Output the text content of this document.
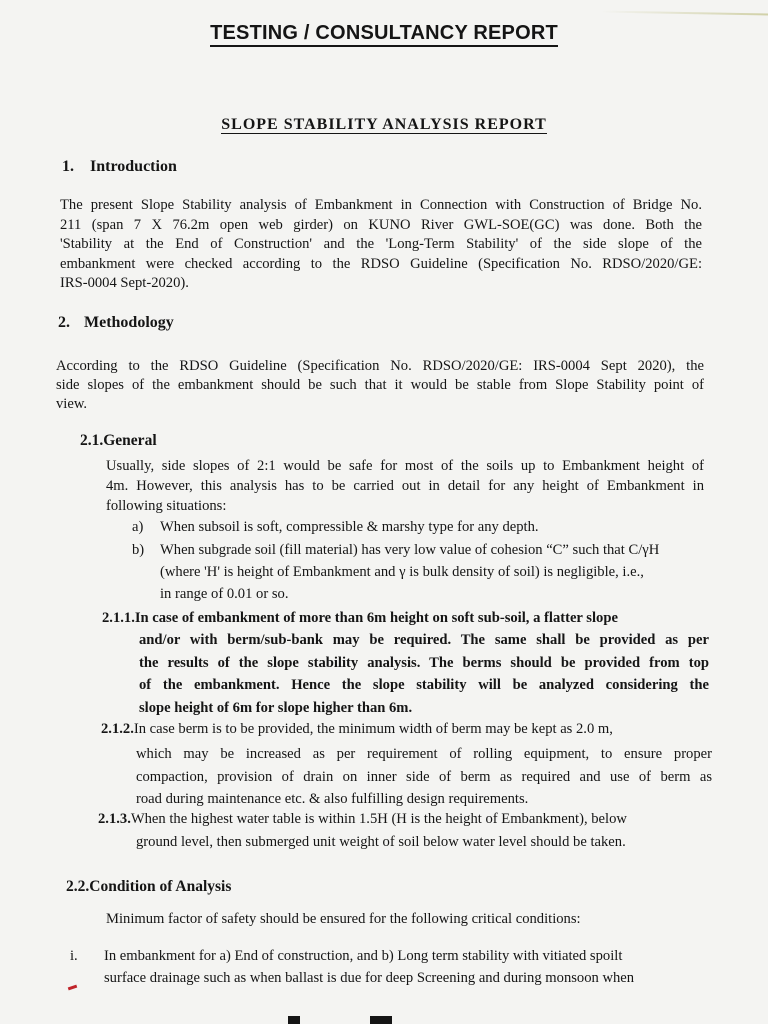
TESTING / CONSULTANCY REPORT
SLOPE STABILITY ANALYSIS REPORT
1. Introduction
The present Slope Stability analysis of Embankment in Connection with Construction of Bridge No.
211 (span 7 X 76.2m open web girder) on KUNO River GWL-SOE(GC) was done. Both the
'Stability at the End of Construction' and the 'Long-Term Stability' of the side slope of the
embankment were checked according to the RDSO Guideline (Specification No. RDSO/2020/GE:
IRS-0004 Sept-2020).
2. Methodology
According to the RDSO Guideline (Specification No. RDSO/2020/GE: IRS-0004 Sept 2020), the
side slopes of the embankment should be such that it would be stable from Slope Stability point of
view.
2.1.General
Usually, side slopes of 2:1 would be safe for most of the soils up to Embankment height of
4m. However, this analysis has to be carried out in detail for any height of Embankment in
following situations:
a) When subsoil is soft, compressible & marshy type for any depth.
b) When subgrade soil (fill material) has very low value of cohesion “C” such that C/γH
(where 'H' is height of Embankment and γ is bulk density of soil) is negligible, i.e.,
in range of 0.01 or so.
2.1.1.In case of embankment of more than 6m height on soft sub-soil, a flatter slope
and/or with berm/sub-bank may be required. The same shall be provided as per
the results of the slope stability analysis. The berms should be provided from top
of the embankment. Hence the slope stability will be analyzed considering the
slope height of 6m for slope higher than 6m.
2.1.2.In case berm is to be provided, the minimum width of berm may be kept as 2.0 m,
which may be increased as per requirement of rolling equipment, to ensure proper
compaction, provision of drain on inner side of berm as required and use of berm as
road during maintenance etc. & also fulfilling design requirements.
2.1.3.When the highest water table is within 1.5H (H is the height of Embankment), below
ground level, then submerged unit weight of soil below water level should be taken.
2.2.Condition of Analysis
Minimum factor of safety should be ensured for the following critical conditions:
i. In embankment for a) End of construction, and b) Long term stability with vitiated spoilt
surface drainage such as when ballast is due for deep Screening and during monsoon when
